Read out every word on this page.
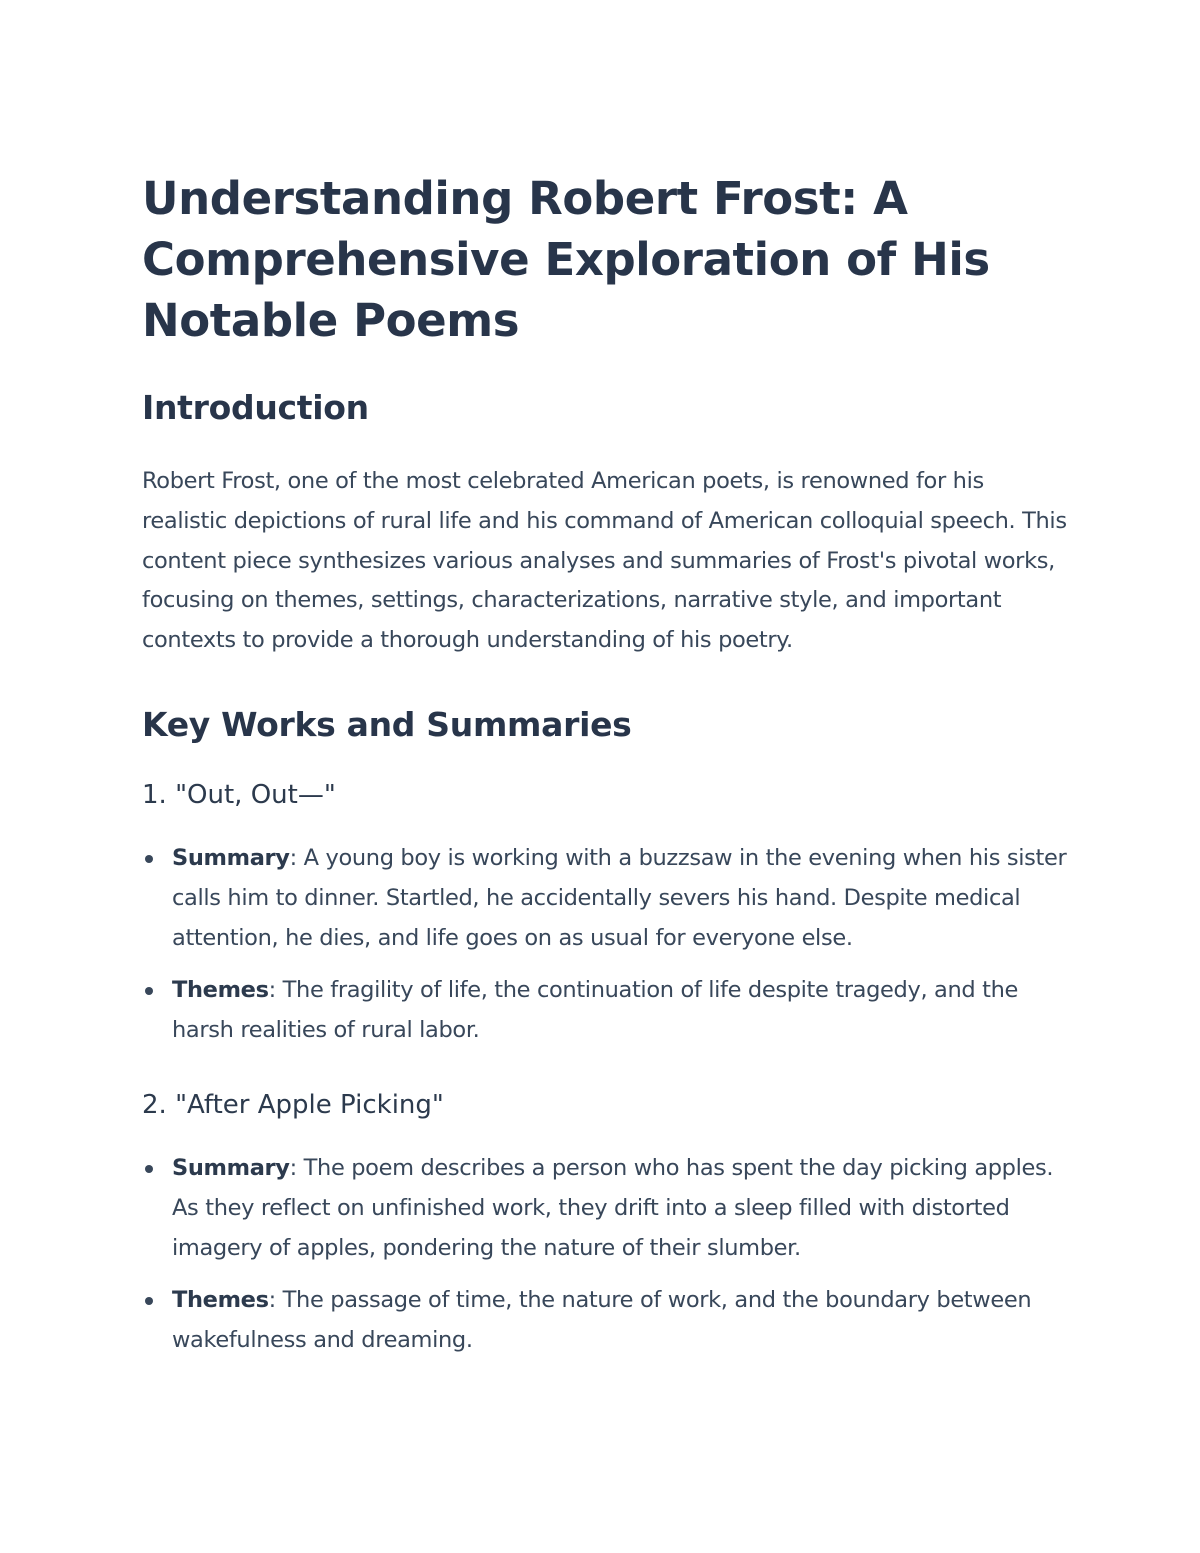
Understanding Robert Frost: A Comprehensive Exploration of His Notable Poems
Introduction

Robert Frost, one of the most celebrated American poets, is renowned for his realistic depictions of rural life and his command of American colloquial speech. This content piece synthesizes various analyses and summaries of Frost's pivotal works, focusing on themes, settings, characterizations, narrative style, and important contexts to provide a thorough understanding of his poetry.

Key Works and Summaries
1. "Out, Out—"
Summary: A young boy is working with a buzzsaw in the evening when his sister calls him to dinner. Startled, he accidentally severs his hand. Despite medical attention, he dies, and life goes on as usual for everyone else.
Themes: The fragility of life, the continuation of life despite tragedy, and the harsh realities of rural labor.
2. "After Apple Picking"
Summary: The poem describes a person who has spent the day picking apples. As they reflect on unfinished work, they drift into a sleep filled with distorted imagery of apples, pondering the nature of their slumber.
Themes: The passage of time, the nature of work, and the boundary between wakefulness and dreaming.
